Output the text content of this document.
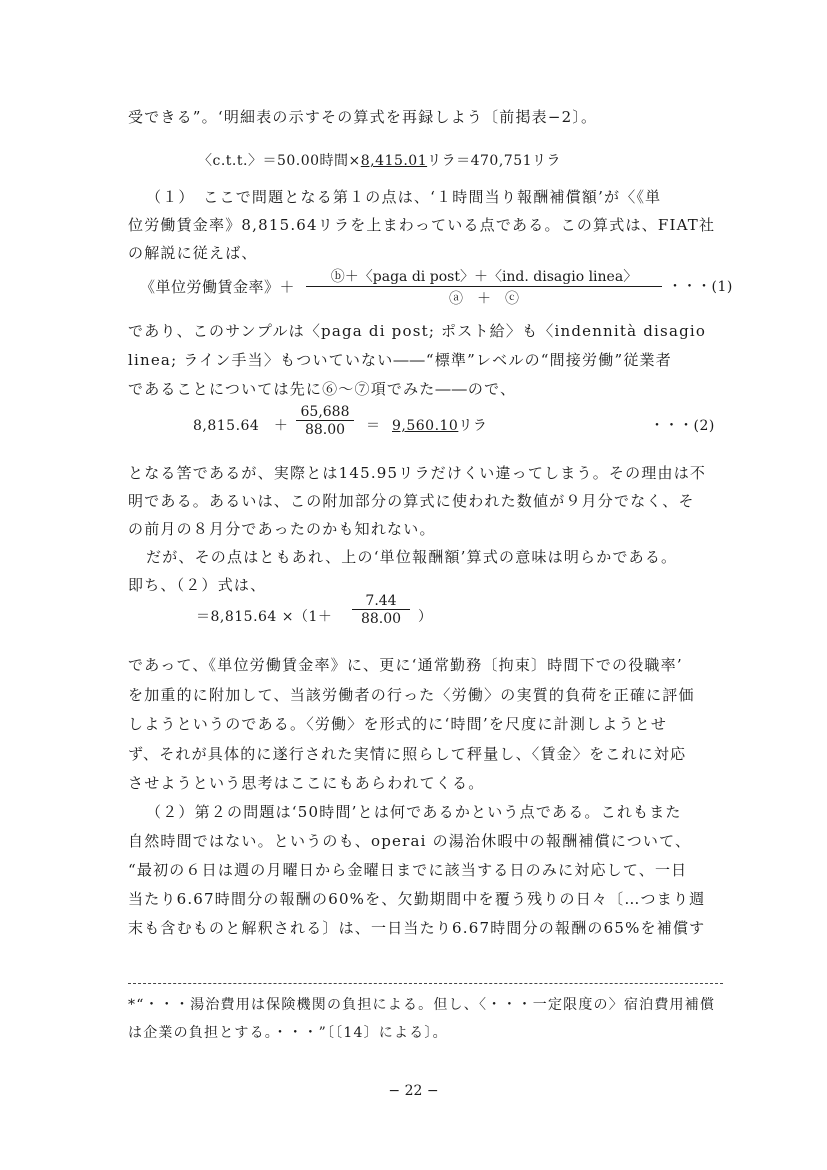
受できる”。‘明細表の示すその算式を再録しよう〔前掲表−2〕。
〈c.t.t.〉＝50.00時間×8,415.01リラ＝470,751リラ
（１）　ここで問題となる第１の点は、‘１時間当り報酬補償額’が〈《単
位労働賃金率》8,815.64リラを上まわっている点である。この算式は、FIAT社
の解説に従えば、
《単位労働賃金率》＋
ⓑ＋〈paga di post〉＋〈ind. disagio linea〉
ⓐ　＋　ⓒ
・・・(1)
であり、このサンプルは〈paga di post; ポスト給〉も〈indennità disagio
linea; ライン手当〉もついていない――“標準”レベルの“間接労働”従業者
であることについては先に⑥〜⑦項でみた――ので、
8,815.64　＋ $\frac{65,688}{88.00} = 9,560.10$リラ	・・・(2)
となる筈であるが、実際とは145.95リラだけくい違ってしまう。その理由は不
明である。あるいは、この附加部分の算式に使われた数値が９月分でなく、そ
の前月の８月分であったのかも知れない。
だが、その点はともあれ、上の‘単位報酬額’算式の意味は明らかである。
即ち、（２）式は、
$=8,815.64 \times(1+ \frac{7.44}{88.00}$ ）
であって、《単位労働賃金率》に、更に‘通常勤務〔拘束〕時間下での役職率’
を加重的に附加して、当該労働者の行った〈労働〉の実質的負荷を正確に評価
しようというのである。〈労働〉を形式的に‘時間’を尺度に計測しようとせ
ず、それが具体的に遂行された実情に照らして秤量し、〈賃金〉をこれに対応
させようという思考はここにもあらわれてくる。
（２）第２の問題は‘50時間’とは何であるかという点である。これもまた
自然時間ではない。というのも、operai の湯治休暇中の報酬補償について、
“最初の６日は週の月曜日から金曜日までに該当する日のみに対応して、一日
当たり6.67時間分の報酬の60%を、欠勤期間中を覆う残りの日々〔…つまり週
末も含むものと解釈される〕は、一日当たり6.67時間分の報酬の65%を補償す
*“・・・湯治費用は保険機関の負担による。但し、〈・・・一定限度の〉宿泊費用補償
は企業の負担とする。・・・”〔〔14〕による〕。
− 22 −
